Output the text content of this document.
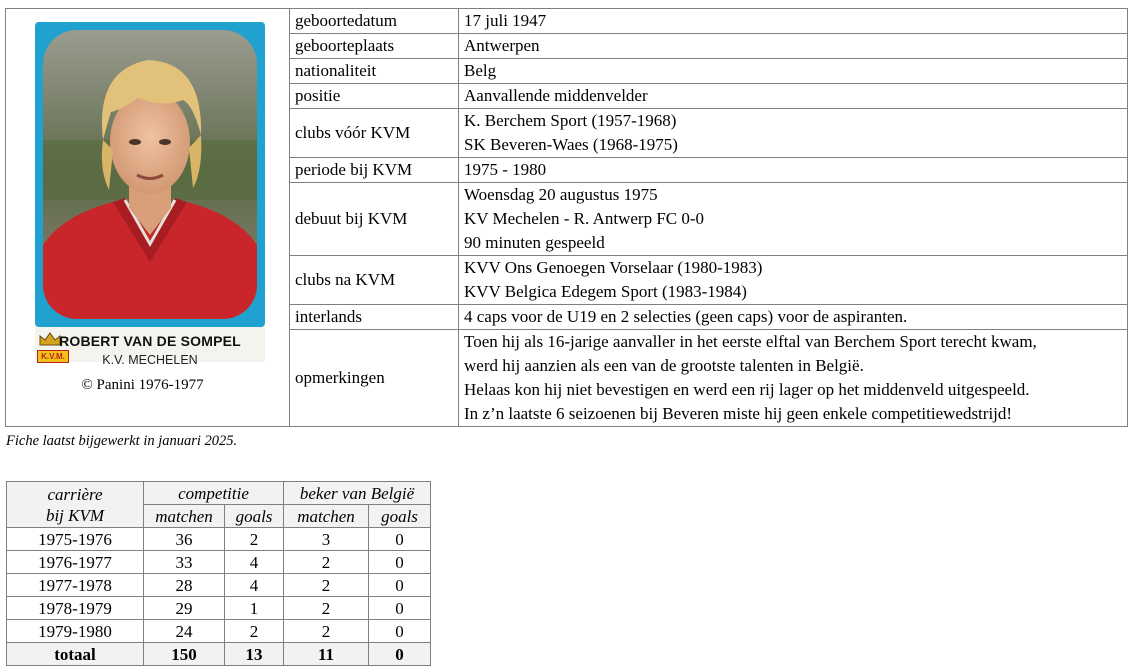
ROBERT VAN DE SOMPEL
K.V.M. K.V. MECHELEN
© Panini 1976-1977	geboortedatum	17 juli 1947
	geboorteplaats	Antwerpen
	nationaliteit	Belg
	positie	Aanvallende middenvelder
	clubs vóór KVM	K. Berchem Sport (1957-1968)
SK Beveren-Waes (1968-1975)

	periode bij KVM	1975 - 1980
	debuut bij KVM	Woensdag 20 augustus 1975
KV Mechelen - R. Antwerp FC 0-0
90 minuten gespeeld

	clubs na KVM	KVV Ons Genoegen Vorselaar (1980-1983)
KVV Belgica Edegem Sport (1983-1984)

	interlands	4 caps voor de U19 en 2 selecties (geen caps) voor de aspiranten.
	opmerkingen	Toen hij als 16-jarige aanvaller in het eerste elftal van Berchem Sport terecht kwam,
werd hij aanzien als een van de grootste talenten in België.
Helaas kon hij niet bevestigen en werd een rij lager op het middenveld uitgespeeld.
In z’n laatste 6 seizoenen bij Beveren miste hij geen enkele competitiewedstrijd!
Fiche laatst bijgewerkt in januari 2025.
carrière
bij KVM	competitie		beker van België	
	matchen	goals	matchen	goals
1975-1976	36	2	3	0
1976-1977	33	4	2	0
1977-1978	28	4	2	0
1978-1979	29	1	2	0
1979-1980	24	2	2	0
totaal	150	13	11	0
